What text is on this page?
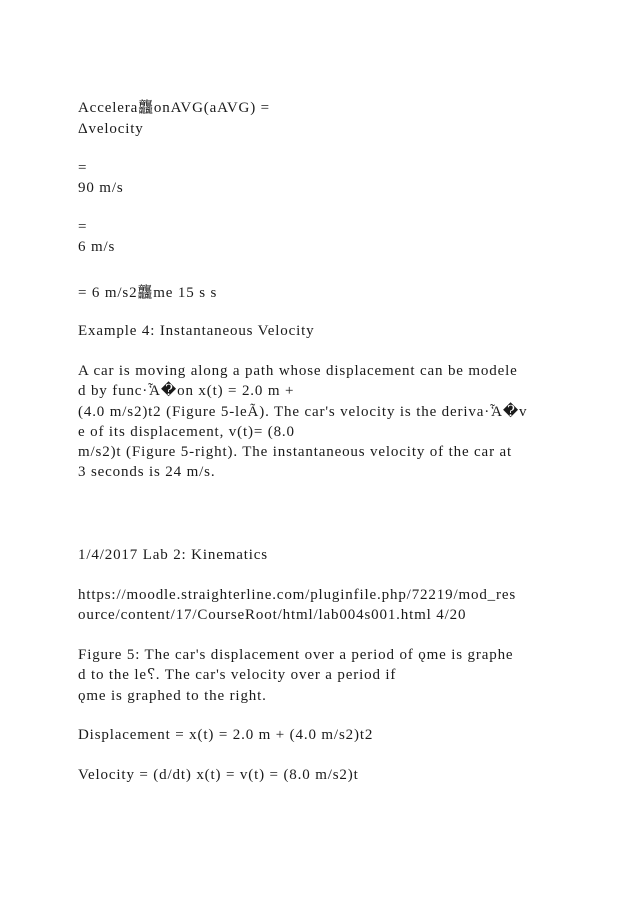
Accelera龘onAVG(aAVG) =
Δvelocity
=
90 m/s
=
6 m/s
= 6 m/s2龘me 15 s s
Example 4: Instantaneous Velocity
A car is moving along a path whose displacement can be modele
d by func·Ἇ�on x(t) = 2.0 m +
(4.0 m/s2)t2 (Figure 5-leÃ). The car's velocity is the deriva·Ἇ�v
e of its displacement, v(t)= (8.0
m/s2)t (Figure 5-right). The instantaneous velocity of the car at
3 seconds is 24 m/s.
1/4/2017 Lab 2: Kinematics
https://moodle.straighterline.com/pluginfile.php/72219/mod_res
ource/content/17/CourseRoot/html/lab004s001.html 4/20
Figure 5: The car's displacement over a period of ǫme is graphe
d to the le⸮. The car's velocity over a period if
ǫme is graphed to the right.
Displacement = x(t) = 2.0 m + (4.0 m/s2)t2
Velocity = (d/dt) x(t) = v(t) = (8.0 m/s2)t
